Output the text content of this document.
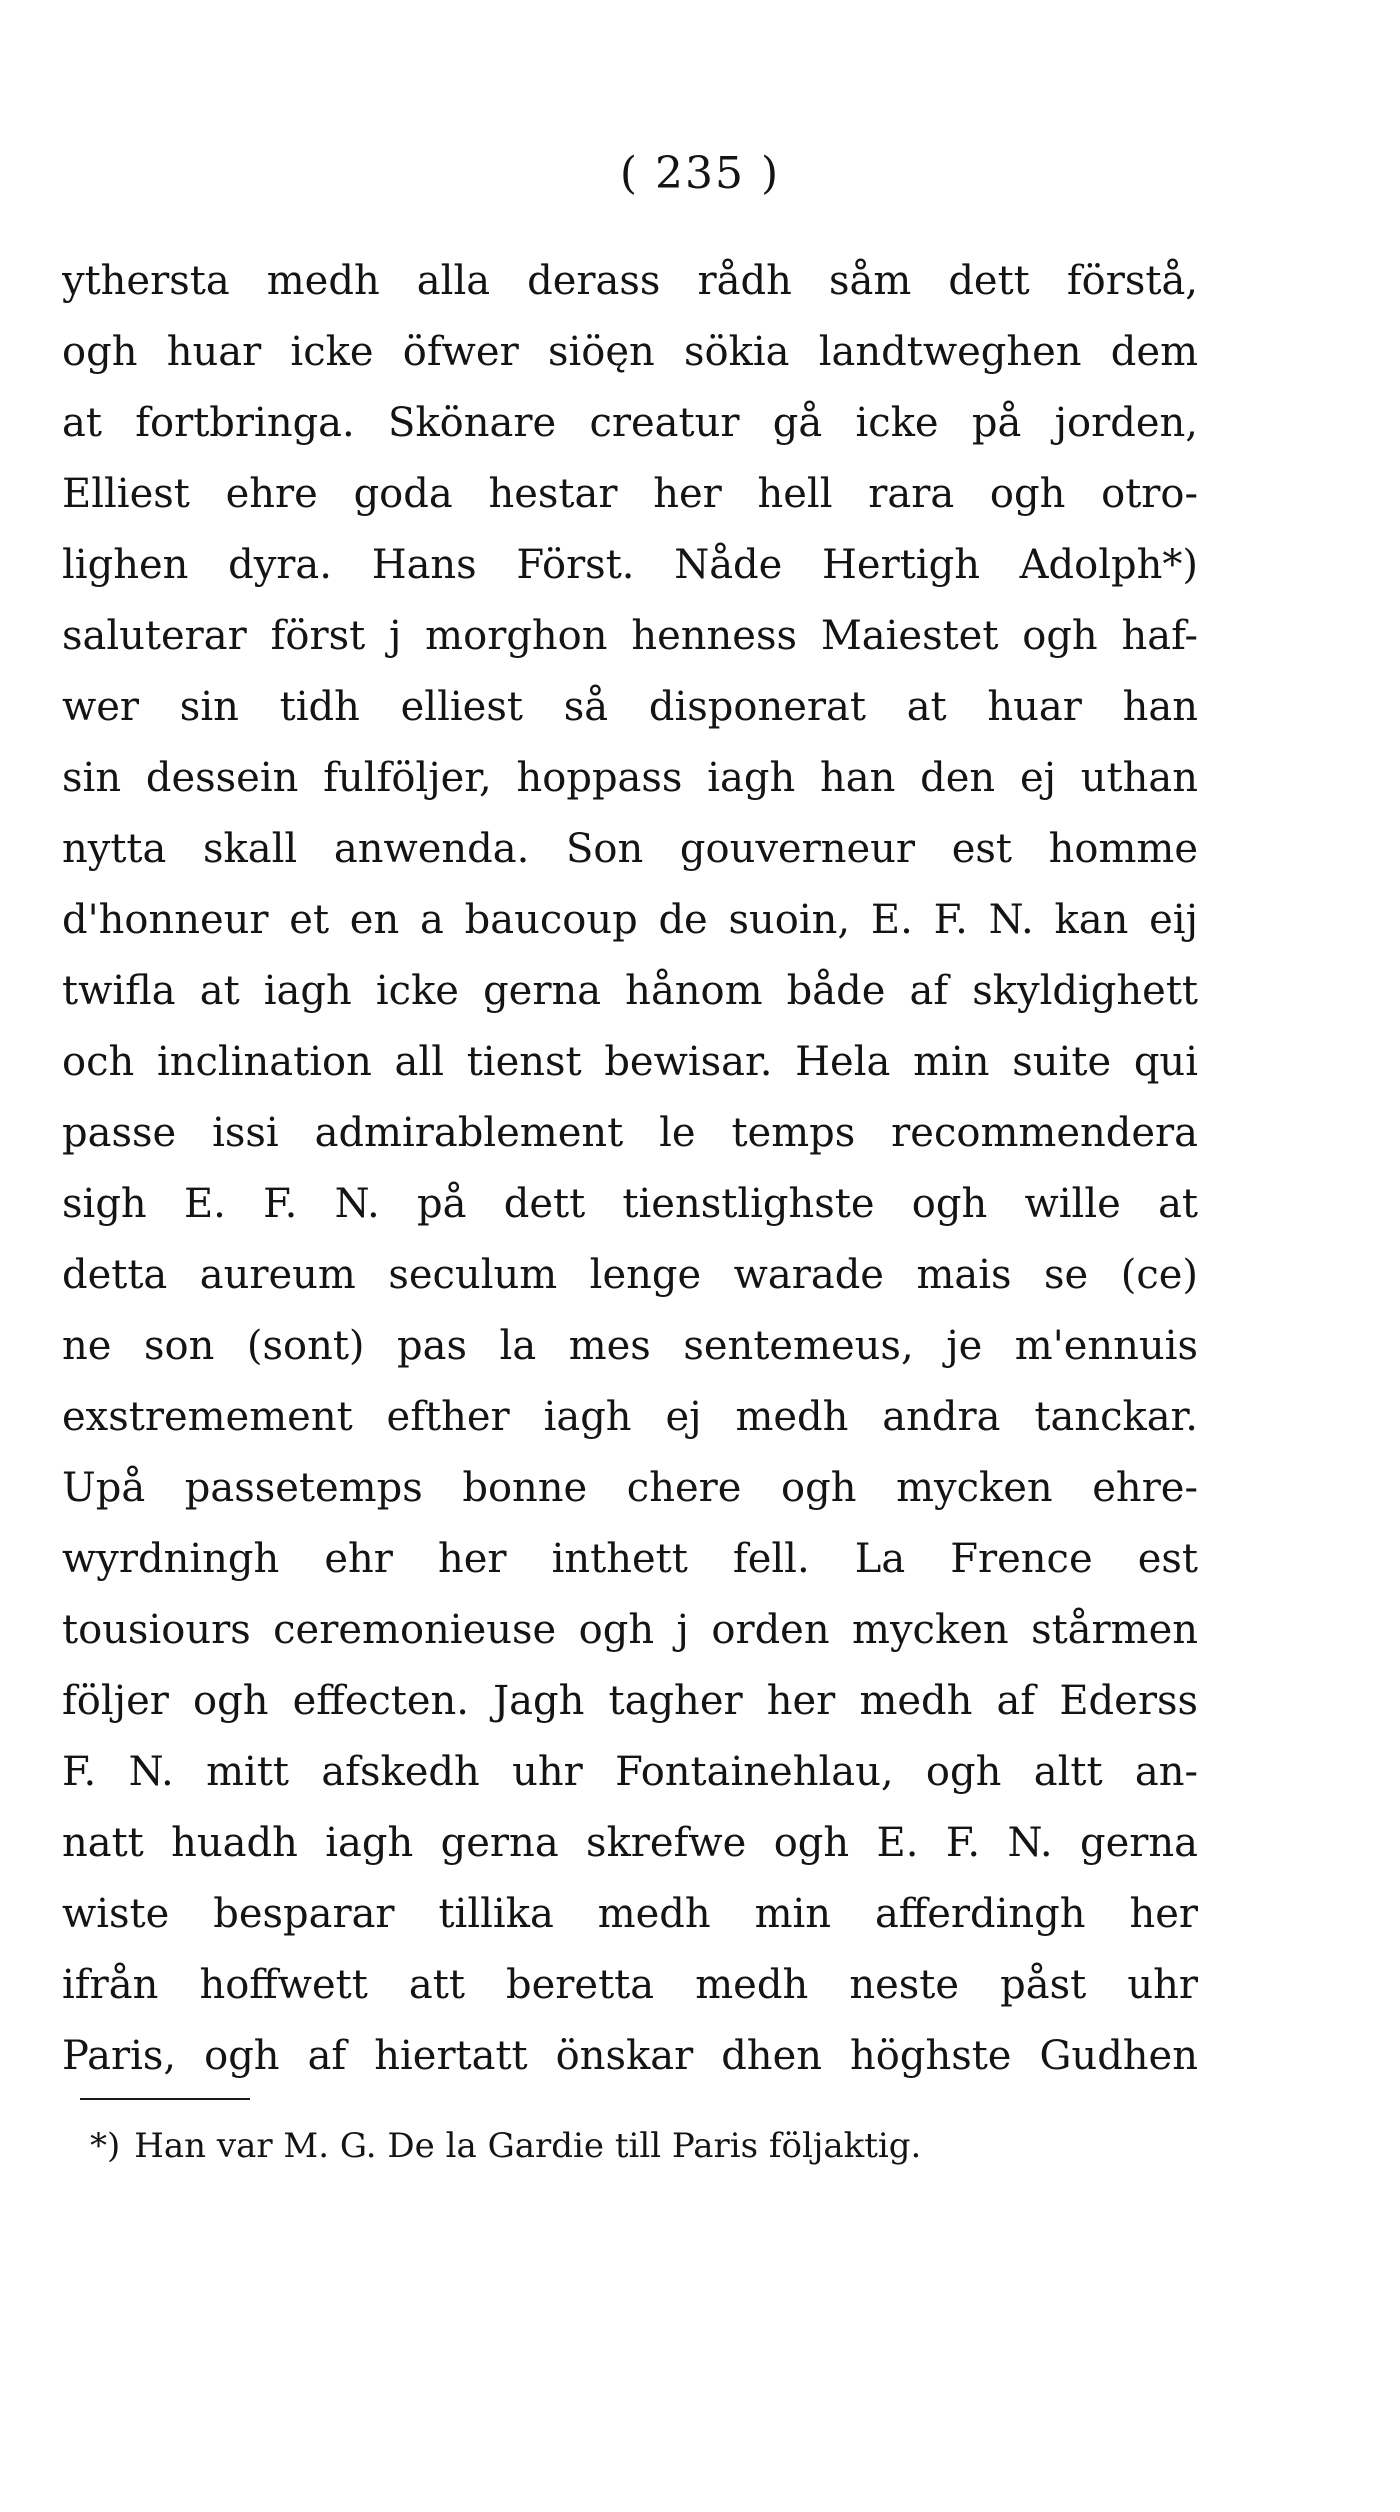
( 235 )

ythersta medh alla derass rådh såm dett förstå,
ogh huar icke öfwer siöęn sökia landtweghen dem
at fortbringa. Skönare creatur gå icke på jorden,
Elliest ehre goda hestar her hell rara ogh otro-
lighen dyra. Hans Först. Nåde Hertigh Adolph*)
saluterar först j morghon henness Maiestet ogh haf-
wer sin tidh elliest så disponerat at huar han
sin dessein fulföljer, hoppass iagh han den ej uthan
nytta skall anwenda. Son gouverneur est homme
d'honneur et en a baucoup de suoin, E. F. N. kan eij
twifla at iagh icke gerna hånom både af skyldighett
och inclination all tienst bewisar. Hela min suite qui
passe issi admirablement le temps recommendera
sigh E. F. N. på dett tienstlighste ogh wille at
detta aureum seculum lenge warade mais se (ce)
ne son (sont) pas la mes sentemeus, je m'ennuis
exstremement efther iagh ej medh andra tanckar.
Upå passetemps bonne chere ogh mycken ehre-
wyrdningh ehr her inthett fell. La Frence est
tousiours ceremonieuse ogh j orden mycken stårmen
följer ogh effecten. Jagh tagher her medh af Ederss
F. N. mitt afskedh uhr Fontainehlau, ogh altt an-
natt huadh iagh gerna skrefwe ogh E. F. N. gerna
wiste besparar tillika medh min afferdingh her
ifrån hoffwett att beretta medh neste påst uhr
Paris, ogh af hiertatt önskar dhen höghste Gudhen

*) Han var M. G. De la Gardie till Paris följaktig.
